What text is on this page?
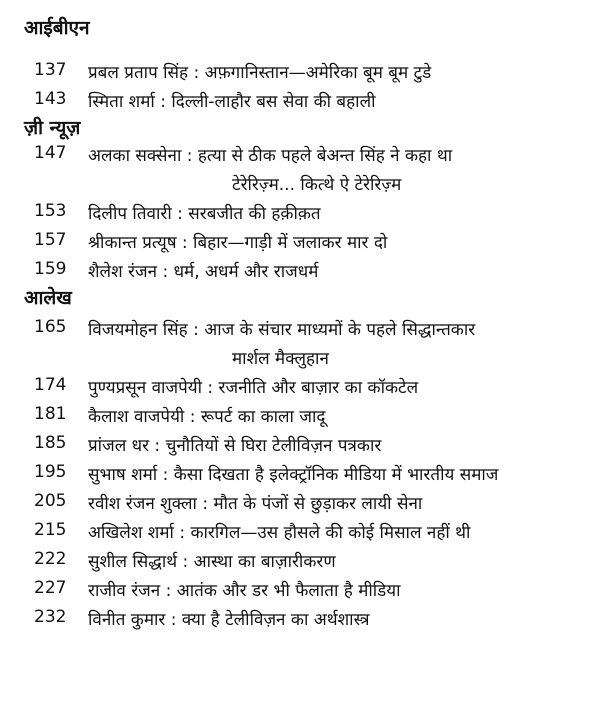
आईबीएन
137 प्रबल प्रताप सिंह : अफ़गानिस्तान—अमेरिका बूम बूम टुडे
143 स्मिता शर्मा : दिल्ली-लाहौर बस सेवा की बहाली
ज़ी न्यूज़
147 अलका सक्सेना : हत्या से ठीक पहले बेअन्त सिंह ने कहा था
टेरेरिज़्म... कित्थे ऐ टेरेरिज़्म
153 दिलीप तिवारी : सरबजीत की हक़ीक़त
157 श्रीकान्त प्रत्यूष : बिहार—गाड़ी में जलाकर मार दो
159 शैलेश रंजन : धर्म, अधर्म और राजधर्म
आलेख
165 विजयमोहन सिंह : आज के संचार माध्यमों के पहले सिद्धान्तकार
मार्शल मैक्लुहान
174 पुण्यप्रसून वाजपेयी : रजनीति और बाज़ार का कॉकटेल
181 कैलाश वाजपेयी : रूपर्ट का काला जादू
185 प्रांजल धर : चुनौतियों से घिरा टेलीविज़न पत्रकार
195 सुभाष शर्मा : कैसा दिखता है इलेक्ट्रॉनिक मीडिया में भारतीय समाज
205 रवीश रंजन शुक्ला : मौत के पंजों से छुड़ाकर लायी सेना
215 अखिलेश शर्मा : कारगिल—उस हौसले की कोई मिसाल नहीं थी
222 सुशील सिद्धार्थ : आस्था का बाज़ारीकरण
227 राजीव रंजन : आतंक और डर भी फैलाता है मीडिया
232 विनीत कुमार : क्या है टेलीविज़न का अर्थशास्त्र
